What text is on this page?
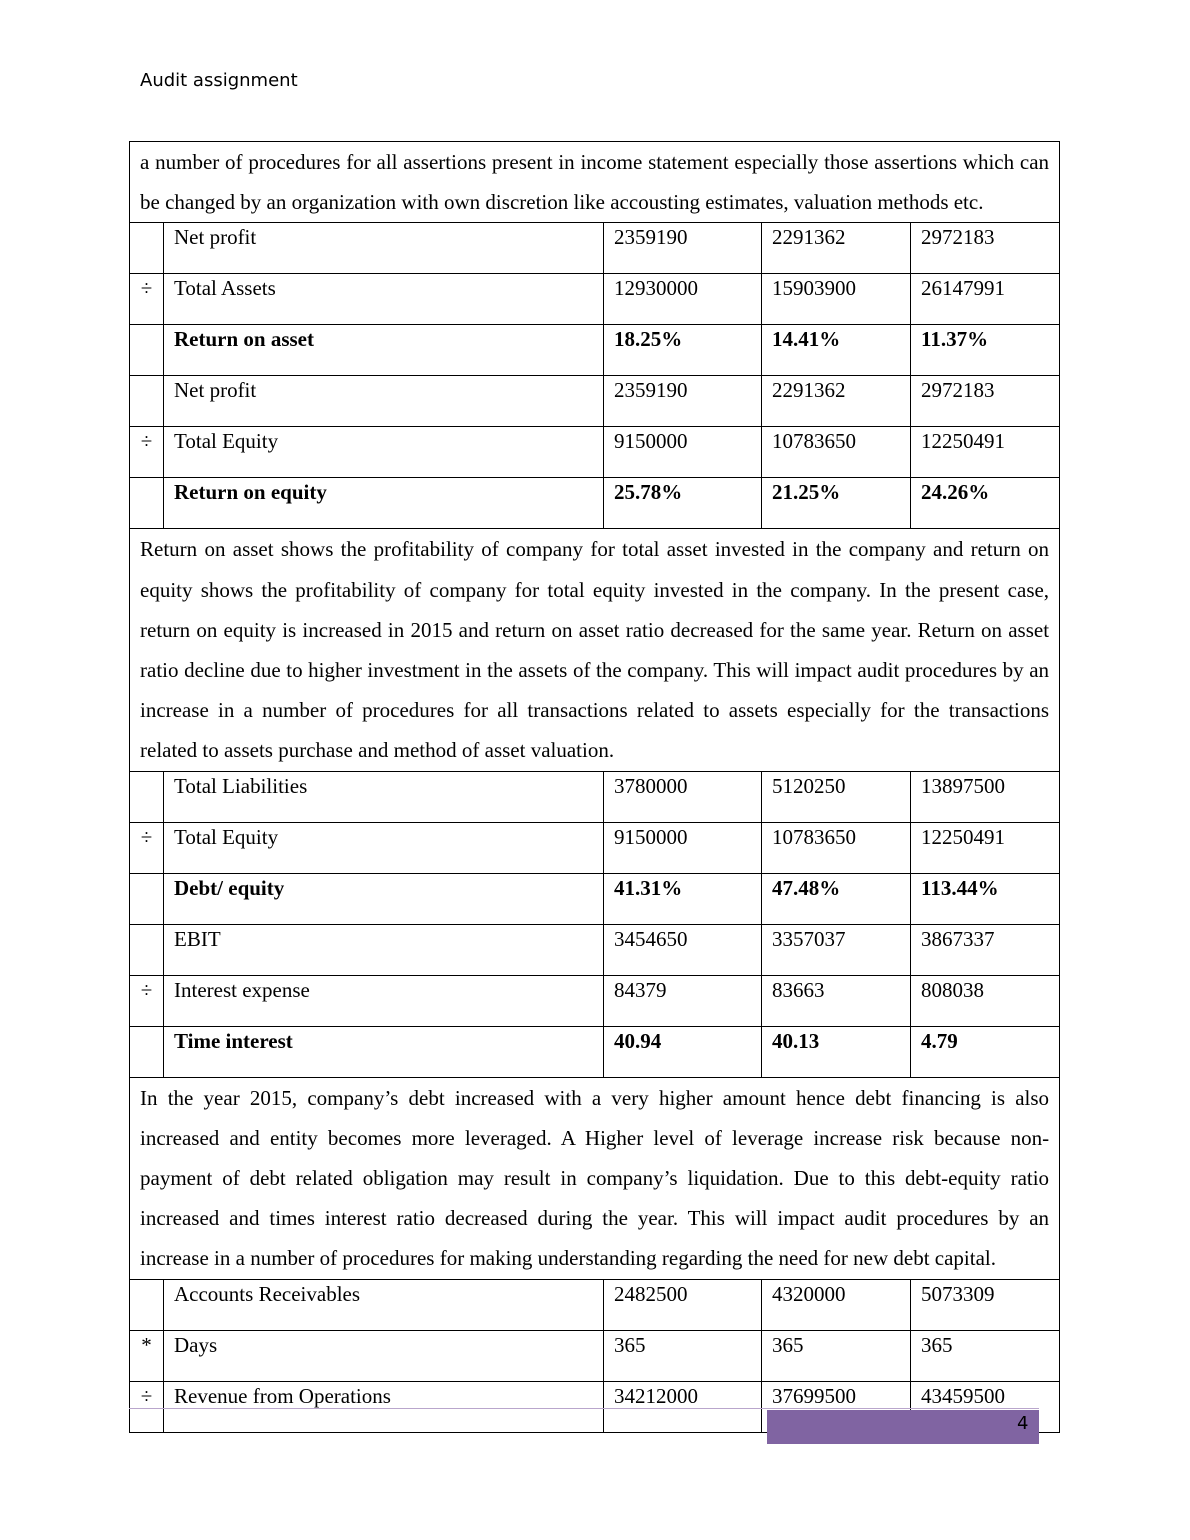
Audit assignment

a number of procedures for all assertions present in income statement especially those assertions which can be changed by an organization with own discretion like accousting estimates, valuation methods etc.				

	Net profit	2359190	2291362	2972183
÷	Total Assets	12930000	15903900	26147991
	Return on asset	18.25%	14.41%	11.37%
	Net profit	2359190	2291362	2972183
÷	Total Equity	9150000	10783650	12250491
	Return on equity	25.78%	21.25%	24.26%

Return on asset shows the profitability of company for total asset invested in the company and return on equity shows the profitability of company for total equity invested in the company. In the present case, return on equity is increased in 2015 and return on asset ratio decreased for the same year. Return on asset ratio decline due to higher investment in the assets of the company. This will impact audit procedures by an increase in a number of procedures for all transactions related to assets especially for the transactions related to assets purchase and method of asset valuation.				

	Total Liabilities	3780000	5120250	13897500
÷	Total Equity	9150000	10783650	12250491
	Debt/ equity	41.31%	47.48%	113.44%
	EBIT	3454650	3357037	3867337
÷	Interest expense	84379	83663	808038
	Time interest	40.94	40.13	4.79

In the year 2015, company’s debt increased with a very higher amount hence debt financing is also increased and entity becomes more leveraged. A Higher level of leverage increase risk because non-payment of debt related obligation may result in company’s liquidation. Due to this debt-equity ratio increased and times interest ratio decreased during the year. This will impact audit procedures by an increase in a number of procedures for making understanding regarding the need for new debt capital.				

	Accounts Receivables	2482500	4320000	5073309
*	Days	365	365	365
÷	Revenue from Operations	34212000	37699500	43459500
4
